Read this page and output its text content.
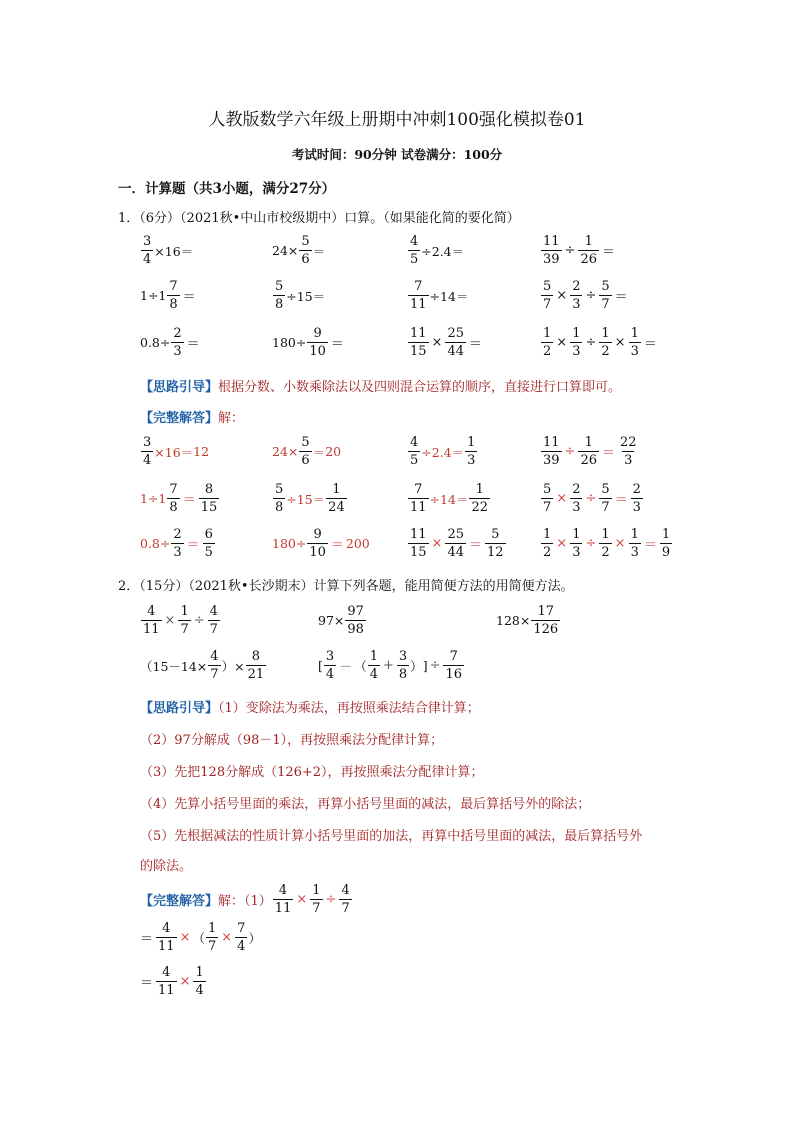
人教版数学六年级上册期中冲刺100强化模拟卷01
考试时间：90分钟 试卷满分：100分
一．计算题（共3小题，满分27分）
1．（6分）（2021秋•中山市校级期中）口算。（如果能化简的要化简）
$\frac{3}{4} \times 16=$	$24\times \frac{5}{6}$ ＝	$\frac{4}{5} \div 2.4=$	$\frac{11}{39} \div \frac{1}{26}$ ＝
$1\div 1 \frac{7}{8}$ ＝	$\frac{5}{8} \div 15=$	$\frac{7}{11} \div 14=$	$\frac{5}{7} \times \frac{2}{3} \div \frac{5}{7}$ ＝
$0.8\div \frac{2}{3}$ ＝	$180\div \frac{9}{10}$ ＝	$\frac{11}{15} \times \frac{25}{44}$ ＝	$\frac{1}{2} \times \frac{1}{3} \div \frac{1}{2} \times \frac{1}{3}$ ＝
【思路引导】根据分数、小数乘除法以及四则混合运算的顺序，直接进行口算即可。
【完整解答】解：
$\frac{3}{4} \times 16= 12$	$24\times \frac{5}{6} = 20$	$\frac{4}{5} \div 2.4= \frac{1}{3}$	$\frac{11}{39} \div \frac{1}{26} = \frac{22}{3}$
$1\div 1 \frac{7}{8} = \frac{8}{15}$	$\frac{5}{8} \div 15= \frac{1}{24}$	$\frac{7}{11} \div 14= \frac{1}{22}$	$\frac{5}{7} \times \frac{2}{3} \div \frac{5}{7} = \frac{2}{3}$
$0.8\div \frac{2}{3} = \frac{6}{5}$	$180\div \frac{9}{10} = 200$	$\frac{11}{15} \times \frac{25}{44} = \frac{5}{12}$	$\frac{1}{2} \times \frac{1}{3} \div \frac{1}{2} \times \frac{1}{3} = \frac{1}{9}$
2．（15分）（2021秋•长沙期末）计算下列各题，能用简便方法的用简便方法。
$\frac{4}{11} \times \frac{1}{7} \div \frac{4}{7}$	$97\times \frac{97}{98}$	$128\times \frac{17}{126}$
（$15-14\times \frac{4}{7}$ ）× $\frac{8}{21}$	[ $\frac{3}{4}$ － （ $\frac{1}{4} + \frac{3}{8}$ ） ] ÷ $\frac{7}{16}$
【思路引导】（1）变除法为乘法，再按照乘法结合律计算；
（2）97分解成（98－1），再按照乘法分配律计算；
（3）先把128分解成（126+2），再按照乘法分配律计算；
（4）先算小括号里面的乘法，再算小括号里面的减法，最后算括号外的除法；
（5）先根据减法的性质计算小括号里面的加法，再算中括号里面的减法，最后算括号外
的除法。
【完整解答】 解：$(1) \frac{4}{11} \times \frac{1}{7} \div \frac{4}{7}$
＝ $\frac{4}{11}$ × （ $\frac{1}{7} \times \frac{7}{4}$ ）
＝ $\frac{4}{11} \times \frac{1}{4}$
